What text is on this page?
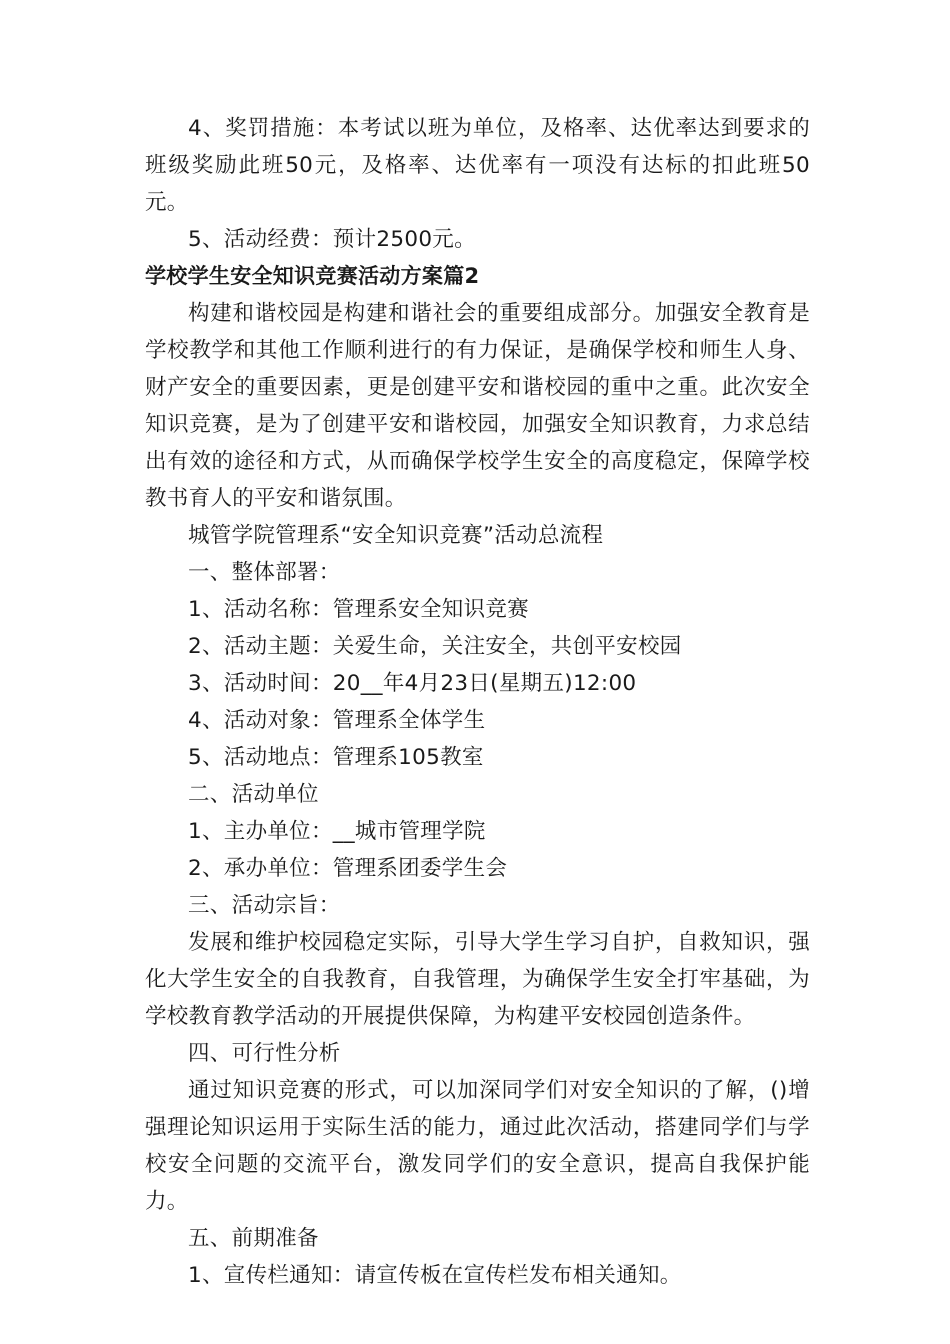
4、奖罚措施：本考试以班为单位，及格率、达优率达到要求的班级奖励此班50元，及格率、达优率有一项没有达标的扣此班50元。

5、活动经费：预计2500元。

学校学生安全知识竞赛活动方案篇2

构建和谐校园是构建和谐社会的重要组成部分。加强安全教育是学校教学和其他工作顺利进行的有力保证，是确保学校和师生人身、财产安全的重要因素，更是创建平安和谐校园的重中之重。此次安全知识竞赛，是为了创建平安和谐校园，加强安全知识教育，力求总结出有效的途径和方式，从而确保学校学生安全的高度稳定，保障学校教书育人的平安和谐氛围。

城管学院管理系“安全知识竞赛”活动总流程

一、整体部署：

1、活动名称：管理系安全知识竞赛

2、活动主题：关爱生命，关注安全，共创平安校园

3、活动时间：20__年4月23日(星期五)12:00

4、活动对象：管理系全体学生

5、活动地点：管理系105教室

二、活动单位

1、主办单位：__城市管理学院

2、承办单位：管理系团委学生会

三、活动宗旨：

发展和维护校园稳定实际，引导大学生学习自护，自救知识，强化大学生安全的自我教育，自我管理，为确保学生安全打牢基础，为学校教育教学活动的开展提供保障，为构建平安校园创造条件。

四、可行性分析

通过知识竞赛的形式，可以加深同学们对安全知识的了解，()增强理论知识运用于实际生活的能力，通过此次活动，搭建同学们与学校安全问题的交流平台，激发同学们的安全意识，提高自我保护能力。

五、前期准备

1、宣传栏通知：请宣传板在宣传栏发布相关通知。
